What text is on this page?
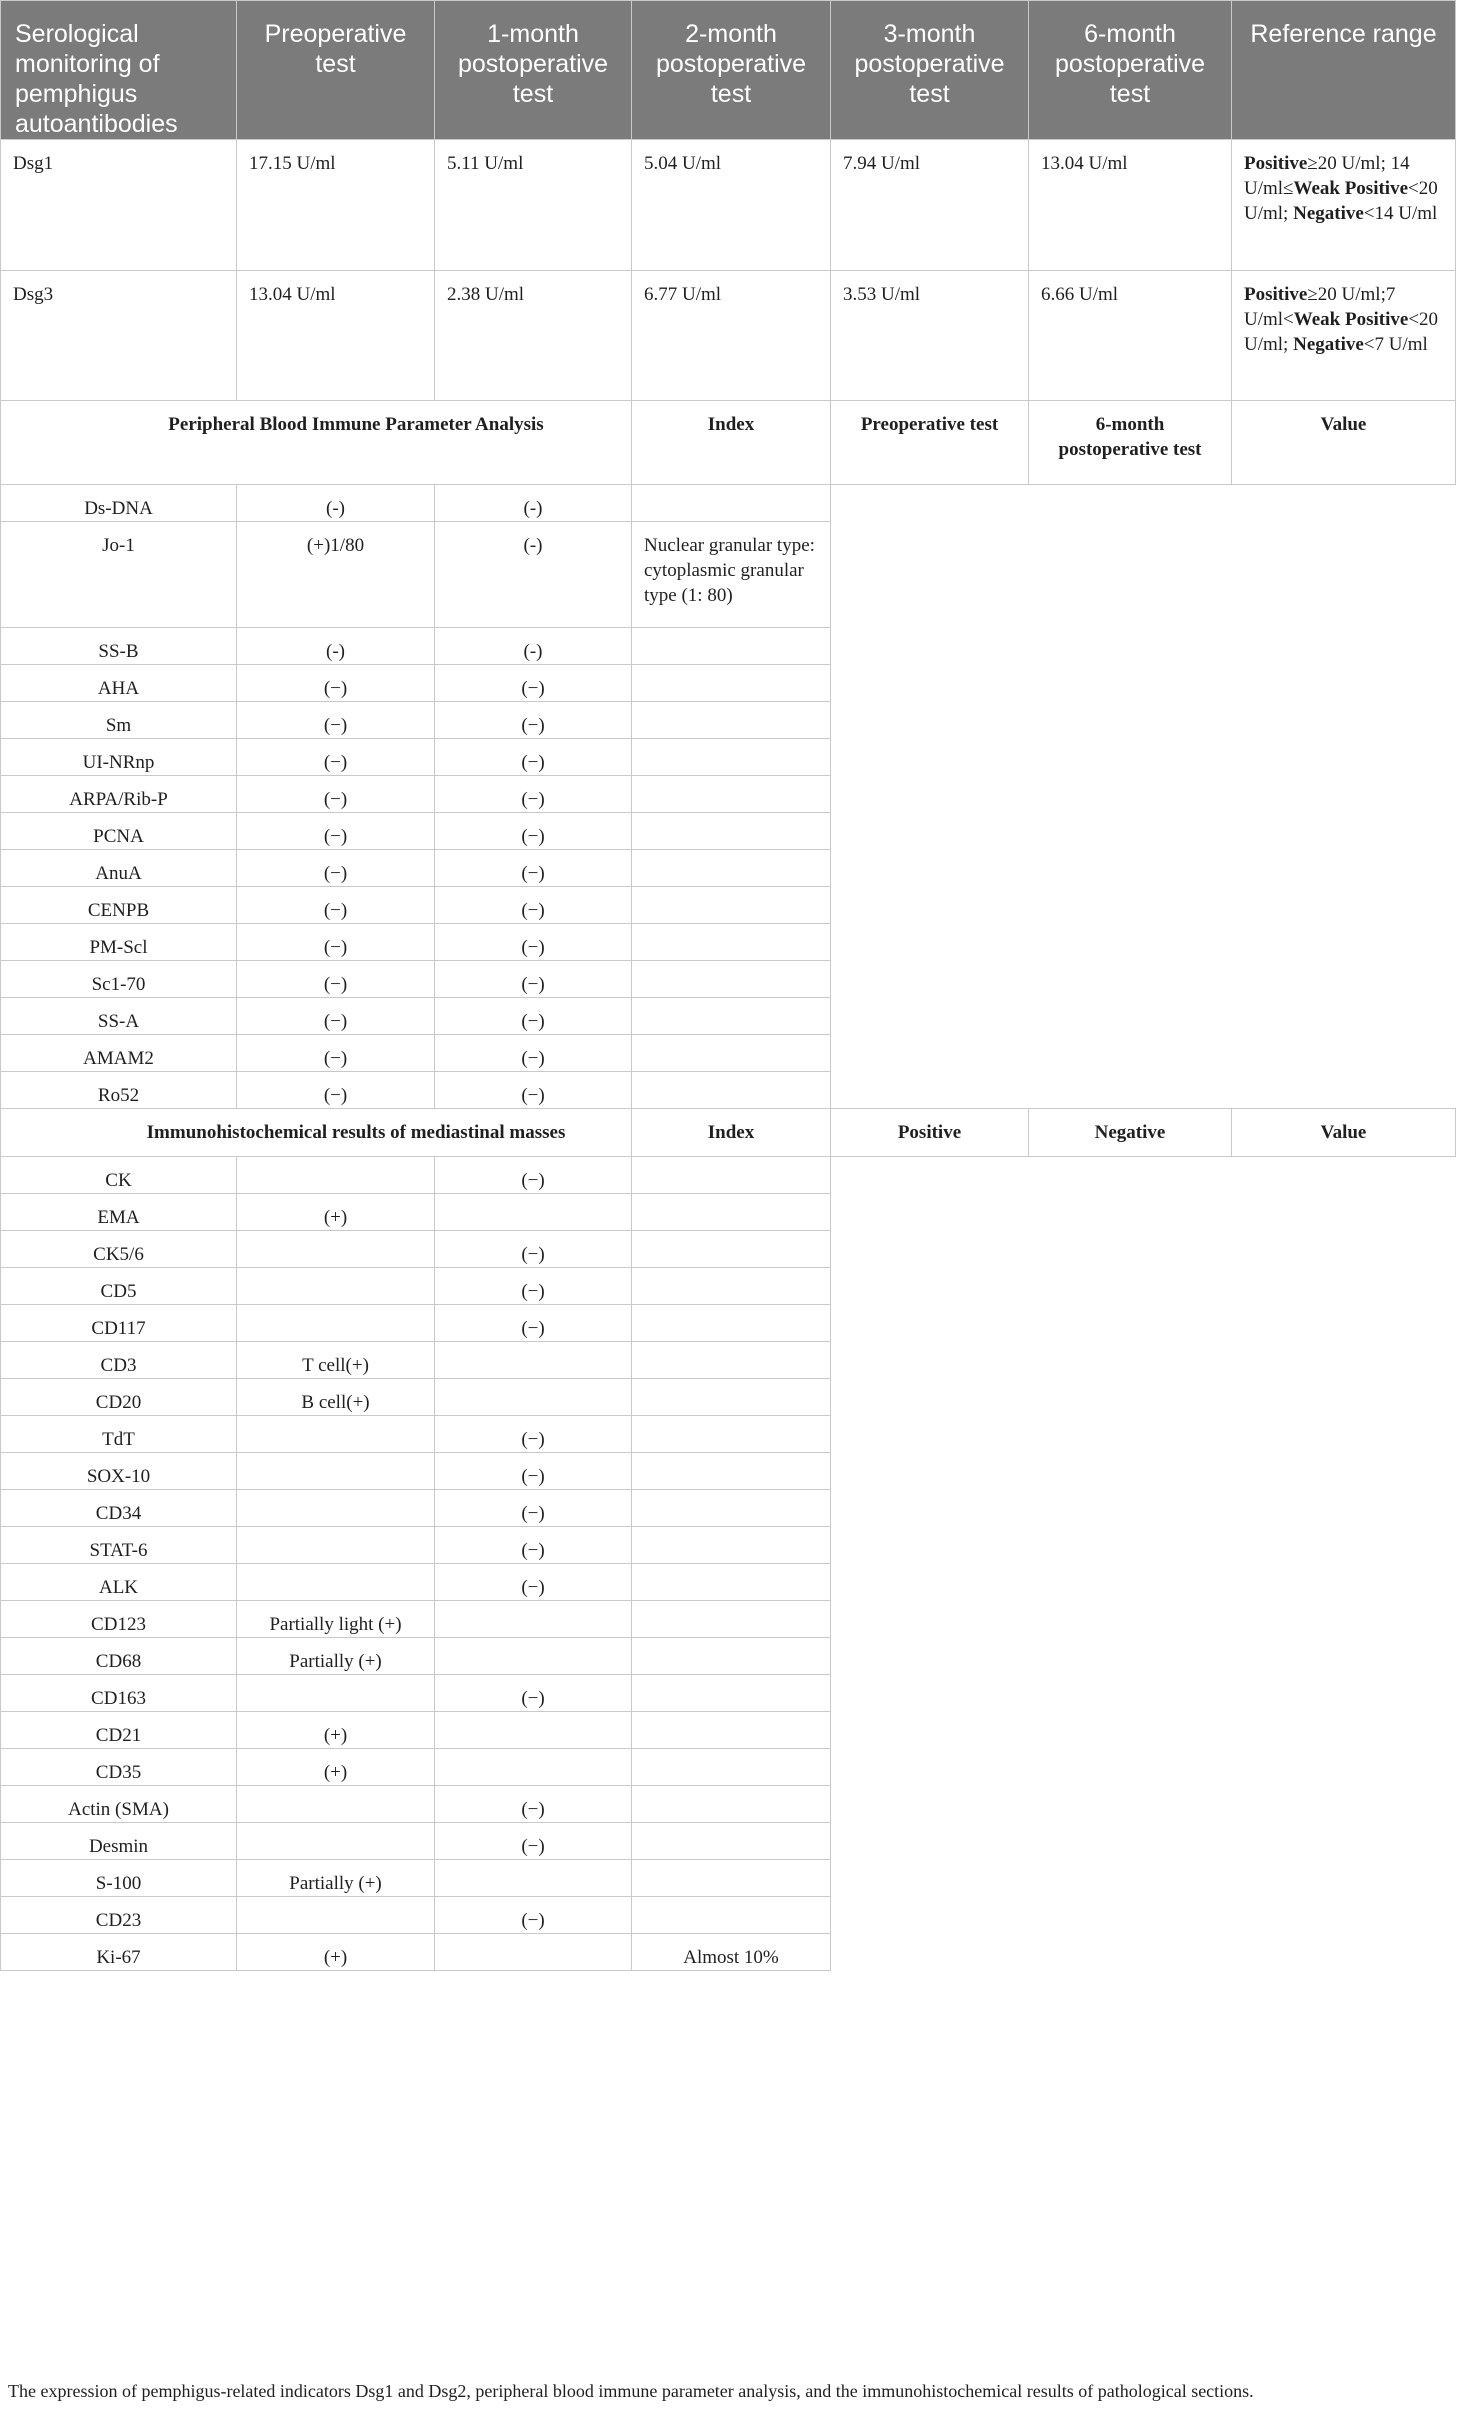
Serological monitoring of pemphigus autoantibodies	Preoperative test	1-month postoperative test	2-month postoperative test	3-month postoperative test	6-month postoperative test	Reference range
Dsg1	17.15 U/ml	5.11 U/ml	5.04 U/ml	7.94 U/ml	13.04 U/ml	Positive≥20 U/ml; 14 U/ml≤Weak Positive<20 U/ml; Negative<14 U/ml
Dsg3	13.04 U/ml	2.38 U/ml	6.77 U/ml	3.53 U/ml	6.66 U/ml	Positive≥20 U/ml;7 U/ml<Weak Positive<20 U/ml; Negative<7 U/ml
Peripheral Blood Immune Parameter Analysis			Index	Preoperative test	6-month postoperative test	Value
Ds-DNA	(-)	(-)				
Jo-1	(+)1/80	(-)	Nuclear granular type: cytoplasmic granular type (1: 80)			
SS-B	(-)	(-)				
AHA	(−)	(−)				
Sm	(−)	(−)				
UI-NRnp	(−)	(−)				
ARPA/Rib-P	(−)	(−)				
PCNA	(−)	(−)				
AnuA	(−)	(−)				
CENPB	(−)	(−)				
PM-Scl	(−)	(−)				
Sc1-70	(−)	(−)				
SS-A	(−)	(−)				
AMAM2	(−)	(−)				
Ro52	(−)	(−)				
Immunohistochemical results of mediastinal masses			Index	Positive	Negative	Value
CK		(−)				
EMA	(+)					
CK5/6		(−)				
CD5		(−)				
CD117		(−)				
CD3	T cell(+)					
CD20	B cell(+)					
TdT		(−)				
SOX-10		(−)				
CD34		(−)				
STAT-6		(−)				
ALK		(−)				
CD123	Partially light (+)					
CD68	Partially (+)					
CD163		(−)				
CD21	(+)					
CD35	(+)					
Actin (SMA)		(−)				
Desmin		(−)				
S-100	Partially (+)					
CD23		(−)				
Ki-67	(+)		Almost 10%			
The expression of pemphigus-related indicators Dsg1 and Dsg2, peripheral blood immune parameter analysis, and the immunohistochemical results of pathological sections.
